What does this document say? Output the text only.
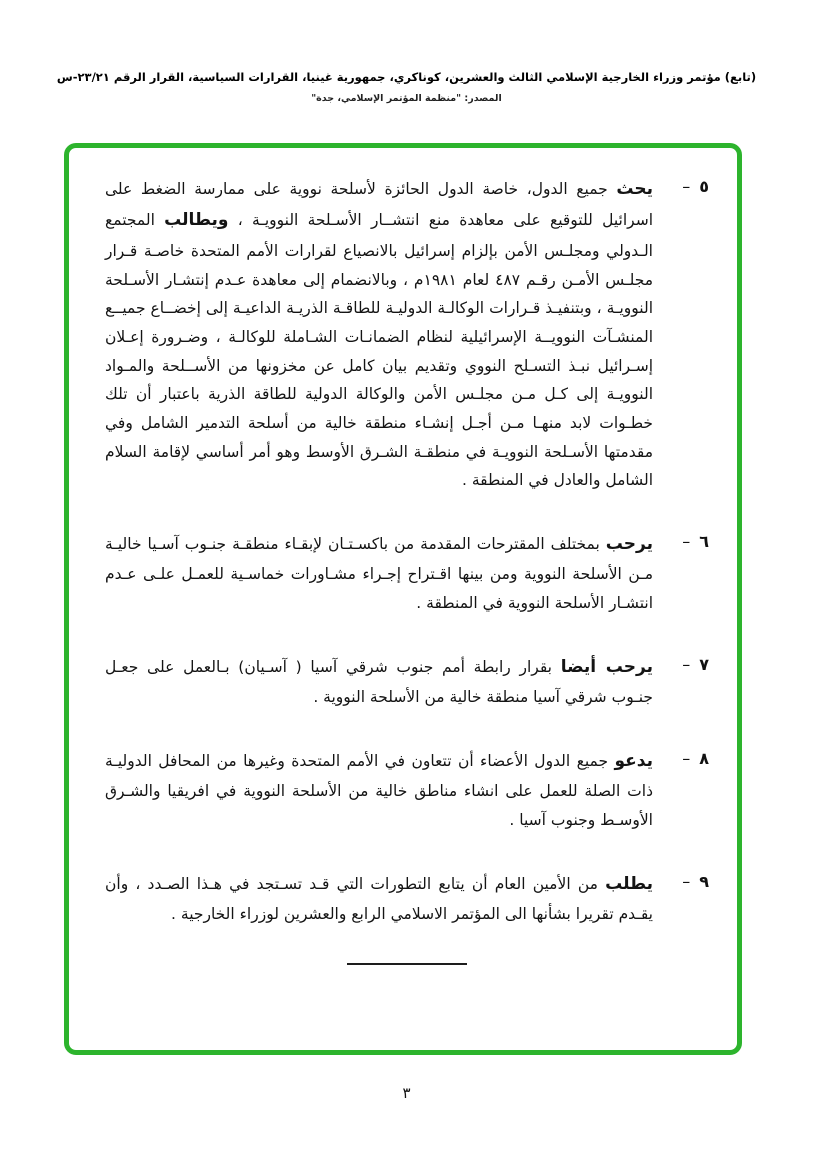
(تابع) مؤتمر وزراء الخارجية الإسلامي الثالث والعشرين، كوناكري، جمهورية غينيا، القرارات السياسية، القرار الرقم ٢٣/٢١-س
المصدر: "منظمة المؤتمر الإسلامي، جدة"
٥
–
يحث جميع الدول، خاصة الدول الحائزة لأسلحة نووية على ممارسة الضغط على اسرائيل للتوقيع على معاهدة منع انتشــار الأسـلحة النوويـة ، ويطالب المجتمع الـدولي ومجلـس الأمن بإلزام إسرائيل بالانصياع لقرارات الأمم المتحدة خاصـة قـرار مجلـس الأمـن رقـم ٤٨٧ لعام ١٩٨١م ، وبالانضمام إلى معاهدة عـدم إنتشـار الأسـلحة النوويـة ، وبتنفيـذ قـرارات الوكالـة الدوليـة للطاقـة الذريـة الداعيـة إلى إخضــاع جميــع المنشـآت النوويــة الإسرائيلية لنظام الضمانـات الشـاملة للوكالـة ، وضـرورة إعـلان إسـرائيل نبـذ التسـلح النووي وتقديم بيان كامل عن مخزونها من الأســلحة والمـواد النوويـة إلى كـل مـن مجلـس الأمن والوكالة الدولية للطاقة الذرية باعتبار أن تلك خطـوات لابد منهـا مـن أجـل إنشـاء منطقة خالية من أسلحة التدمير الشامل وفي مقدمتها الأسـلحة النوويـة في منطقـة الشـرق الأوسط وهو أمر أساسي لإقامة السلام الشامل والعادل في المنطقة .
٦
–
يرحب بمختلف المقترحات المقدمة من باكسـتـان لإبقـاء منطقـة جنـوب آسـيا خاليـة مـن الأسلحة النووية ومن بينها اقـتراح إجـراء مشـاورات خماسـية للعمـل علـى عـدم انتشـار الأسلحة النووية في المنطقة .
٧
–
يرحب أيضا بقرار رابطة أمم جنوب شرقي آسيا ( آسـيان) بـالعمل على جعـل جنـوب شرقي آسيا منطقة خالية من الأسلحة النووية .
٨
–
يدعو جميع الدول الأعضاء أن تتعاون في الأمم المتحدة وغيرها من المحافل الدوليـة ذات الصلة للعمل على انشاء مناطق خالية من الأسلحة النووية في افريقيا والشـرق الأوسـط وجنوب آسيا .
٩
–
يطلب من الأمين العام أن يتابع التطورات التي قـد تسـتجد في هـذا الصـدد ، وأن يقـدم تقريرا بشأنها الى المؤتمر الاسلامي الرابع والعشرين لوزراء الخارجية .
٣
